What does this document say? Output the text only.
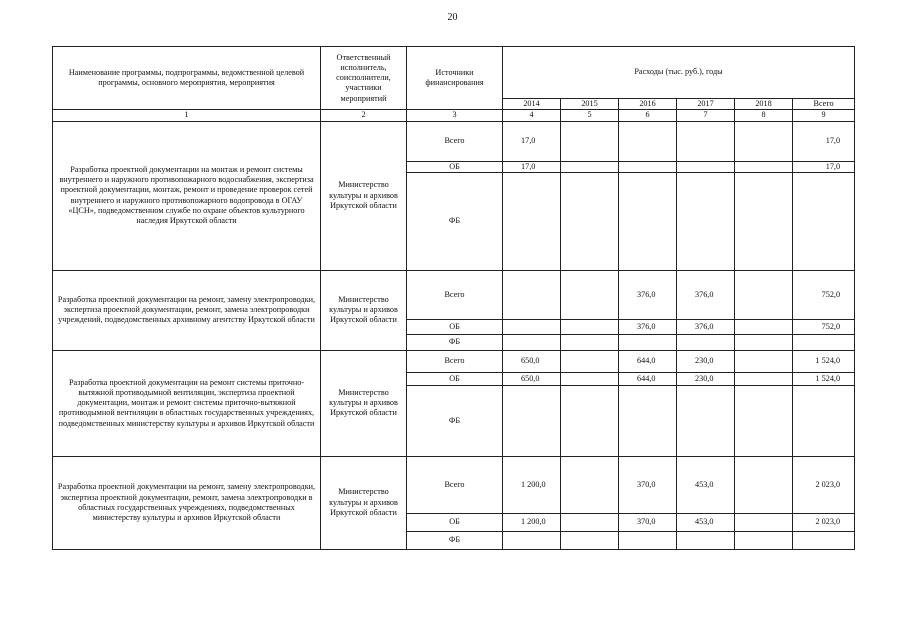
20
Наименование программы, подпрограммы, ведомственной целевой программы, основного мероприятия, мероприятия	Ответственный исполнитель, соисполнители, участники мероприятий	Источники финансирования	Расходы (тыс. руб.), годы					
			2014	2015	2016	2017	2018	Всего
1	2	3	4	5	6	7	8	9
Разработка проектной документации на монтаж и ремонт системы внутреннего и наружного противопожарного водоснабжения, экспертиза проектной документации, монтаж, ремонт и проведение проверок сетей внутреннего и наружного противопожарного водопровода в ОГАУ «ЦСН», подведомственном службе по охране объектов культурного наследия Иркутской области	Министерство культуры и архивов Иркутской области	Всего	17,0					17,0
		ОБ	17,0					17,0
		ФБ						
Разработка проектной документации на ремонт, замену электропроводки, экспертиза проектной документации, ремонт, замена электропроводки учреждений, подведомственных архивному агентству Иркутской области	Министерство культуры и архивов Иркутской области	Всего			376,0	376,0		752,0
		ОБ			376,0	376,0		752,0
		ФБ						
Разработка проектной документации на ремонт системы приточно-вытяжной противодымной вентиляции, экспертиза проектной документации, монтаж и ремонт системы приточно-вытяжной противодымной вентиляции в областных государственных учреждениях, подведомственных министерству культуры и архивов Иркутской области	Министерство культуры и архивов Иркутской области	Всего	650,0		644,0	230,0		1 524,0
		ОБ	650,0		644,0	230,0		1 524,0
		ФБ						
Разработка проектной документации на ремонт, замену электропроводки, экспертиза проектной документации, ремонт, замена электропроводки в областных государственных учреждениях, подведомственных министерству культуры и архивов Иркутской области	Министерство культуры и архивов Иркутской области	Всего	1 200,0		370,0	453,0		2 023,0
		ОБ	1 200,0		370,0	453,0		2 023,0
		ФБ						
